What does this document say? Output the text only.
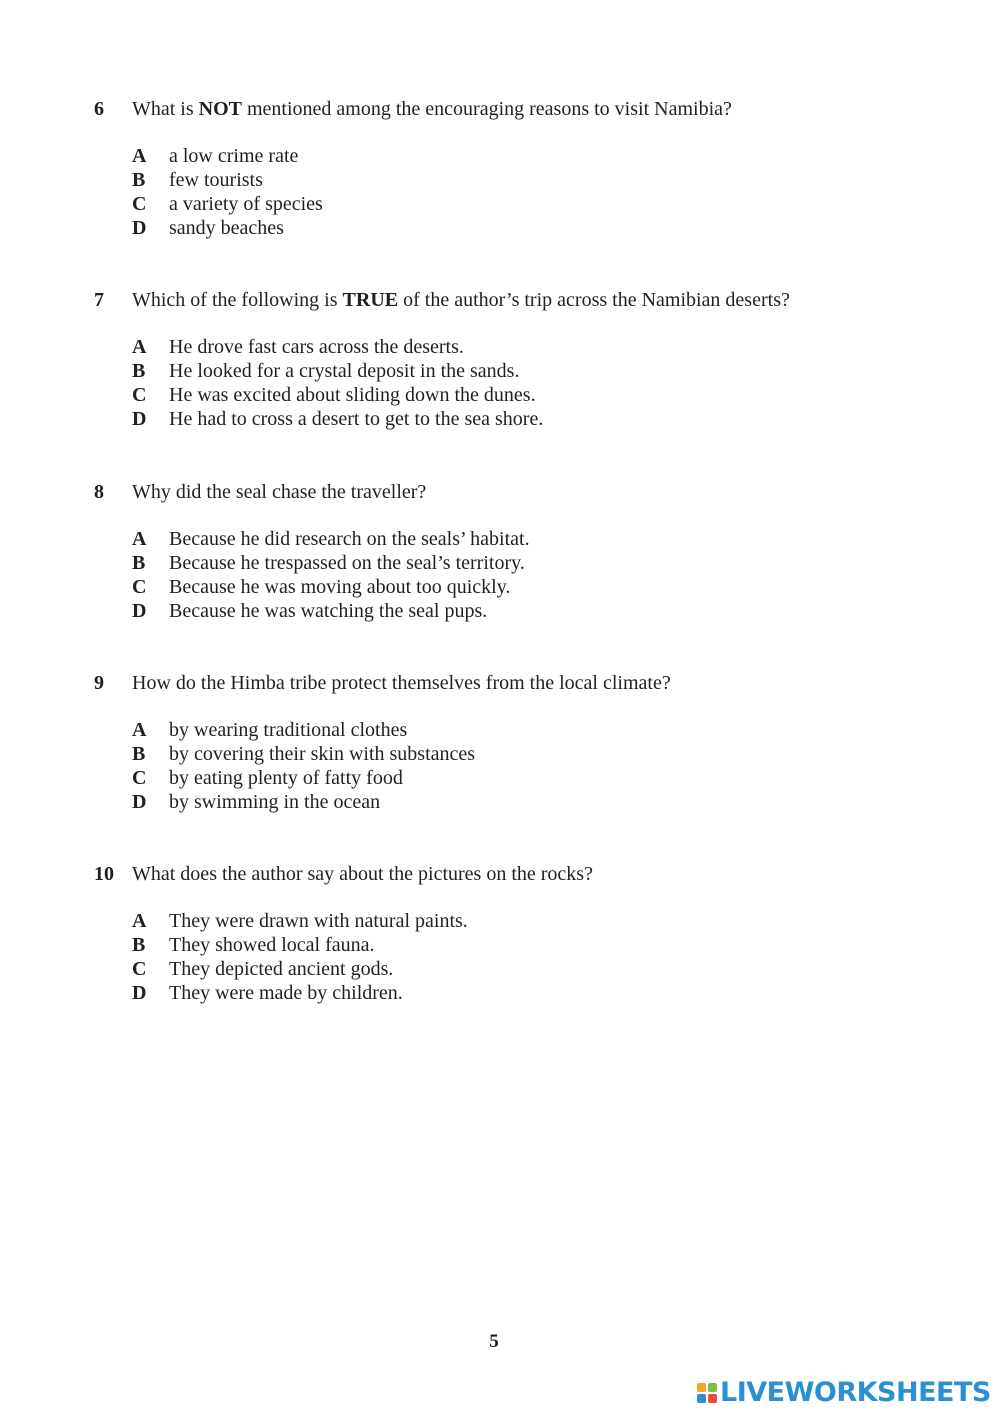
6	What is NOT mentioned among the encouraging reasons to visit Namibia?
A	a low crime rate
B	few tourists
C	a variety of species
D	sandy beaches
7	Which of the following is TRUE of the author’s trip across the Namibian deserts?
A	He drove fast cars across the deserts.
B	He looked for a crystal deposit in the sands.
C	He was excited about sliding down the dunes.
D	He had to cross a desert to get to the sea shore.
8	Why did the seal chase the traveller?
A	Because he did research on the seals’ habitat.
B	Because he trespassed on the seal’s territory.
C	Because he was moving about too quickly.
D	Because he was watching the seal pups.
9	How do the Himba tribe protect themselves from the local climate?
A	by wearing traditional clothes
B	by covering their skin with substances
C	by eating plenty of fatty food
D	by swimming in the ocean
10 What does the author say about the pictures on the rocks?
A	They were drawn with natural paints.
B	They showed local fauna.
C	They depicted ancient gods.
D	They were made by children.
5
LIVEWORKSHEETS
